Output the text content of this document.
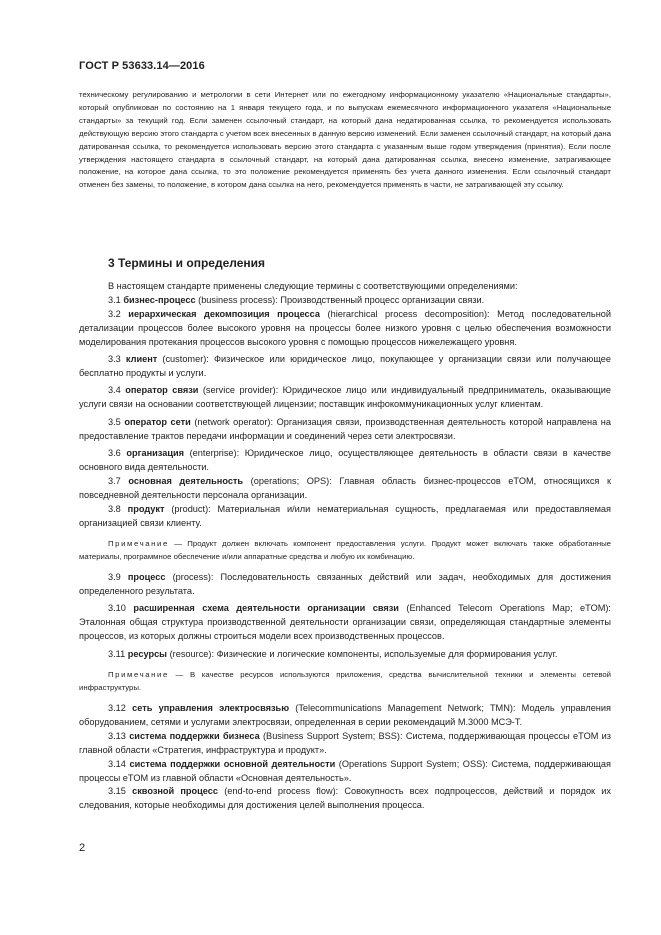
ГОСТ Р 53633.14—2016
техническому регулированию и метрологии в сети Интернет или по ежегодному информационному указателю «Национальные стандарты», который опубликован по состоянию на 1 января текущего года, и по выпускам ежемесячного информационного указателя «Национальные стандарты» за текущий год. Если заменен ссылочный стандарт, на который дана недатированная ссылка, то рекомендуется использовать действующую версию этого стандарта с учетом всех внесенных в данную версию изменений. Если заменен ссылочный стандарт, на который дана датированная ссылка, то рекомендуется использовать версию этого стандарта с указанным выше годом утверждения (принятия). Если после утверждения настоящего стандарта в ссылочный стандарт, на который дана датированная ссылка, внесено изменение, затрагивающее положение, на которое дана ссылка, то это положение рекомендуется применять без учета данного изменения. Если ссылочный стандарт отменен без замены, то положение, в котором дана ссылка на него, рекомендуется применять в части, не затрагивающей эту ссылку.
3 Термины и определения

В настоящем стандарте применены следующие термины с соответствующими определениями:

3.1 бизнес-процесс (business process): Производственный процесс организации связи.

3.2 иерархическая декомпозиция процесса (hierarchical process decomposition): Метод последовательной детализации процессов более высокого уровня на процессы более низкого уровня с целью обеспечения возможности моделирования протекания процессов высокого уровня с помощью процессов нижележащего уровня.

3.3 клиент (customer): Физическое или юридическое лицо, покупающее у организации связи или получающее бесплатно продукты и услуги.

3.4 оператор связи (service provider): Юридическое лицо или индивидуальный предприниматель, оказывающие услуги связи на основании соответствующей лицензии; поставщик инфокоммуникационных услуг клиентам.

3.5 оператор сети (network operator): Организация связи, производственная деятельность которой направлена на предоставление трактов передачи информации и соединений через сети электросвязи.

3.6 организация (enterprise): Юридическое лицо, осуществляющее деятельность в области связи в качестве основного вида деятельности.

3.7 основная деятельность (operations; OPS): Главная область бизнес-процессов eTOM, относящихся к повседневной деятельности персонала организации.

3.8 продукт (product): Материальная и/или нематериальная сущность, предлагаемая или предоставляемая организацией связи клиенту.

Примечание — Продукт должен включать компонент предоставления услуги. Продукт может включать также обработанные материалы, программное обеспечение и/или аппаратные средства и любую их комбинацию.

3.9 процесс (process): Последовательность связанных действий или задач, необходимых для достижения определенного результата.

3.10 расширенная схема деятельности организации связи (Enhanced Telecom Operations Map; eTOM): Эталонная общая структура производственной деятельности организации связи, определяющая стандартные элементы процессов, из которых должны строиться модели всех производственных процессов.

3.11 ресурсы (resource): Физические и логические компоненты, используемые для формирования услуг.

Примечание — В качестве ресурсов используются приложения, средства вычислительной техники и элементы сетевой инфраструктуры.

3.12 сеть управления электросвязью (Telecommunications Management Network; TMN): Модель управления оборудованием, сетями и услугами электросвязи, определенная в серии рекомендаций М.3000 МСЭ-Т.

3.13 система поддержки бизнеса (Business Support System; BSS): Система, поддерживающая процессы eTOM из главной области «Стратегия, инфраструктура и продукт».

3.14 система поддержки основной деятельности (Operations Support System; OSS): Система, поддерживающая процессы eTOM из главной области «Основная деятельность».

3.15 сквозной процесс (end-to-end process flow): Совокупность всех подпроцессов, действий и порядок их следования, которые необходимы для достижения целей выполнения процесса.

2
